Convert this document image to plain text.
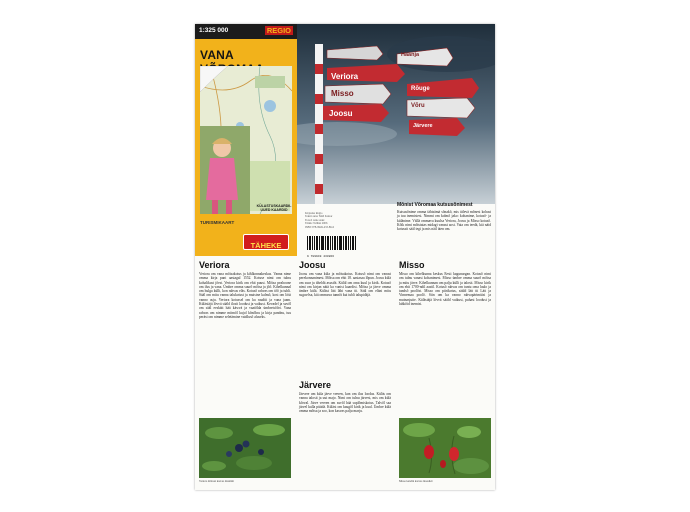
1:325 000	REGIO
VANA
KÜLASTUSKAARDIL UUED KAARDID
TURISMIKAART
TÄHEKE
Veriora
Misso
Joosu
Rõuge
Võru
Järvere
Haanja
Kirjastus Regio
Teksti autor Mall Kutsar
Fotod: Arne Ader
Trükk: Tallinn 2006
ISBN 978-9949-433-86-6
9 789949 433866

Mõnist Võromaa kutsusõnimest

Kutsusõnime omma tähtsämä sõnakõ, mis ütlevä mõnest kohast ja tuu inemistest. Nimmi om kolmõ jako: kohanime, kotusõ- ja külänime. Vällä ommava kuulsa Veriora, Joosu ja Misso kotusõ. Kõik nimi mõistatas midagi vanast aost. Vaia om teedä, kiä näid kotussit sääl tegi ja mis näil üten om.

Veriora

Veriora om vana mõisakotus ja kihlkonnakeskus. Vanna nime omma kirja pant aastagal 1552. Kotuse nimi om tulnu kohalikust jõest. Veriora kirik om ehit puust. Mõisa peahoone om ilus ja vana. Ümbre omma suurõ mõtsa ja jõõ. Kihelkunnal om hulga külli, kon rahvas eläs. Kotusõ rahvas om tõõ ja tubli. Sääl om mitu vanna talukotust ja muistne kalmõ, kost om löüt vanno asju. Veriora kotussel om ka raudtii ja vana jaam. Külästäjä lövvä sääld ilosit loodust ja vaikust. Kevadel ja suvõl om sääl eeskätt hää käwvä ja vaatõlda ümbretsõõri. Vana rahvas om nimme mitmõl kujol kõnõlnu ja kirja pandnu, tuu peräst om nimme seletämine vaidlusõ aluseks.

Joosu

Joosu om vana küla ja mõisakotus. Kotusõ nimi om vanast perekonnanimest. Mõisa om ehit 18. aastasaa lõpun. Joosu külä om suur ja tiheldä asustõt. Küläl om oma kuul ja kirik. Kotusõ nimi om kirjan nätä ka vanist kaardist. Mõtsa ja järve omma ümbre külä. Küläst lätt läbi vana tii. Sääl om eläni mitu suguvõsa, kiä ommava tunnõt kui tubli talupidäjä.

Järvere

Järvere om küla järve veeren, kon om ilus loodus. Küläs om vanna talosit ja uut majo. Nimi om tulnu järvest, mis om külä kõrval. Järve veeren om suvõl hää suplõmiskotus. Talvõl saa järvel kalla püüdä. Küläst om kaugõl kirik ja kuul. Ümbre külä omma mõtsa ja soo, kon kasvas palju marju.

Misso

Misso om kihelkunna keskus Eesti kagunurgan. Kotusõ nimi om tulnu vanast kohanimest. Misso ümbre omma suurõ mõtsa ja mitu järve. Kihelkunnan om palju külli ja talosit. Misso kirik om ehit 1700-ndil aastil. Kotusõ rahvas om tuntu oma laulo ja tandsõ poolõst. Misso om piirikotus, sääld lätt tii Läti ja Vinnemaa poolõ. Siin om ka vanno rahvapärimüisi ja muinasjutte. Külästäjä lövvä sääld vaikust, puhast loodust ja lahkõid inemisi.

Veriora mõtsan kasvas mustikit	Misso kandin kasvas maasikit
